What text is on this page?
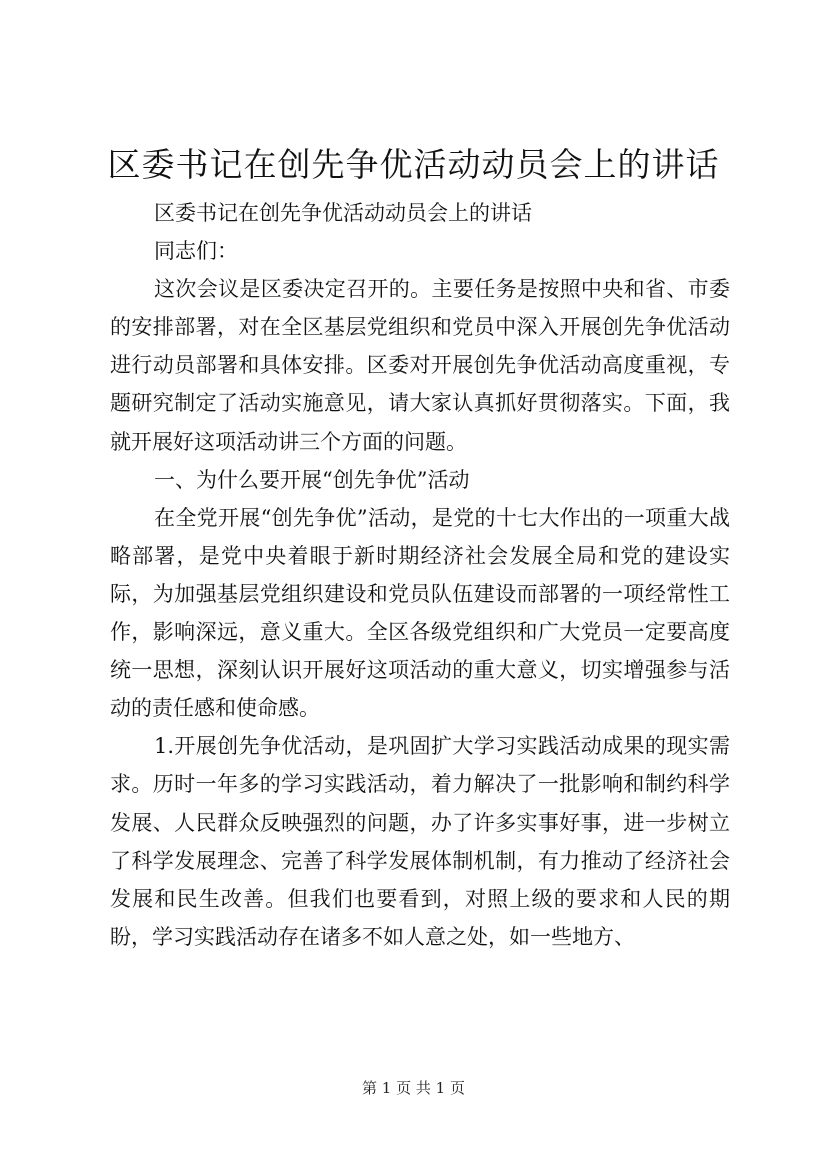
区委书记在创先争优活动动员会上的讲话

区委书记在创先争优活动动员会上的讲话

同志们：

这次会议是区委决定召开的。主要任务是按照中央和省、市委的安排部署，对在全区基层党组织和党员中深入开展创先争优活动进行动员部署和具体安排。区委对开展创先争优活动高度重视，专题研究制定了活动实施意见，请大家认真抓好贯彻落实。下面，我就开展好这项活动讲三个方面的问题。

一、为什么要开展“创先争优”活动

在全党开展“创先争优”活动，是党的十七大作出的一项重大战略部署，是党中央着眼于新时期经济社会发展全局和党的建设实际，为加强基层党组织建设和党员队伍建设而部署的一项经常性工作，影响深远，意义重大。全区各级党组织和广大党员一定要高度统一思想，深刻认识开展好这项活动的重大意义，切实增强参与活动的责任感和使命感。

1.开展创先争优活动，是巩固扩大学习实践活动成果的现实需求。历时一年多的学习实践活动，着力解决了一批影响和制约科学发展、人民群众反映强烈的问题，办了许多实事好事，进一步树立了科学发展理念、完善了科学发展体制机制，有力推动了经济社会发展和民生改善。但我们也要看到，对照上级的要求和人民的期盼，学习实践活动存在诸多不如人意之处，如一些地方、

第 1 页 共 1 页
